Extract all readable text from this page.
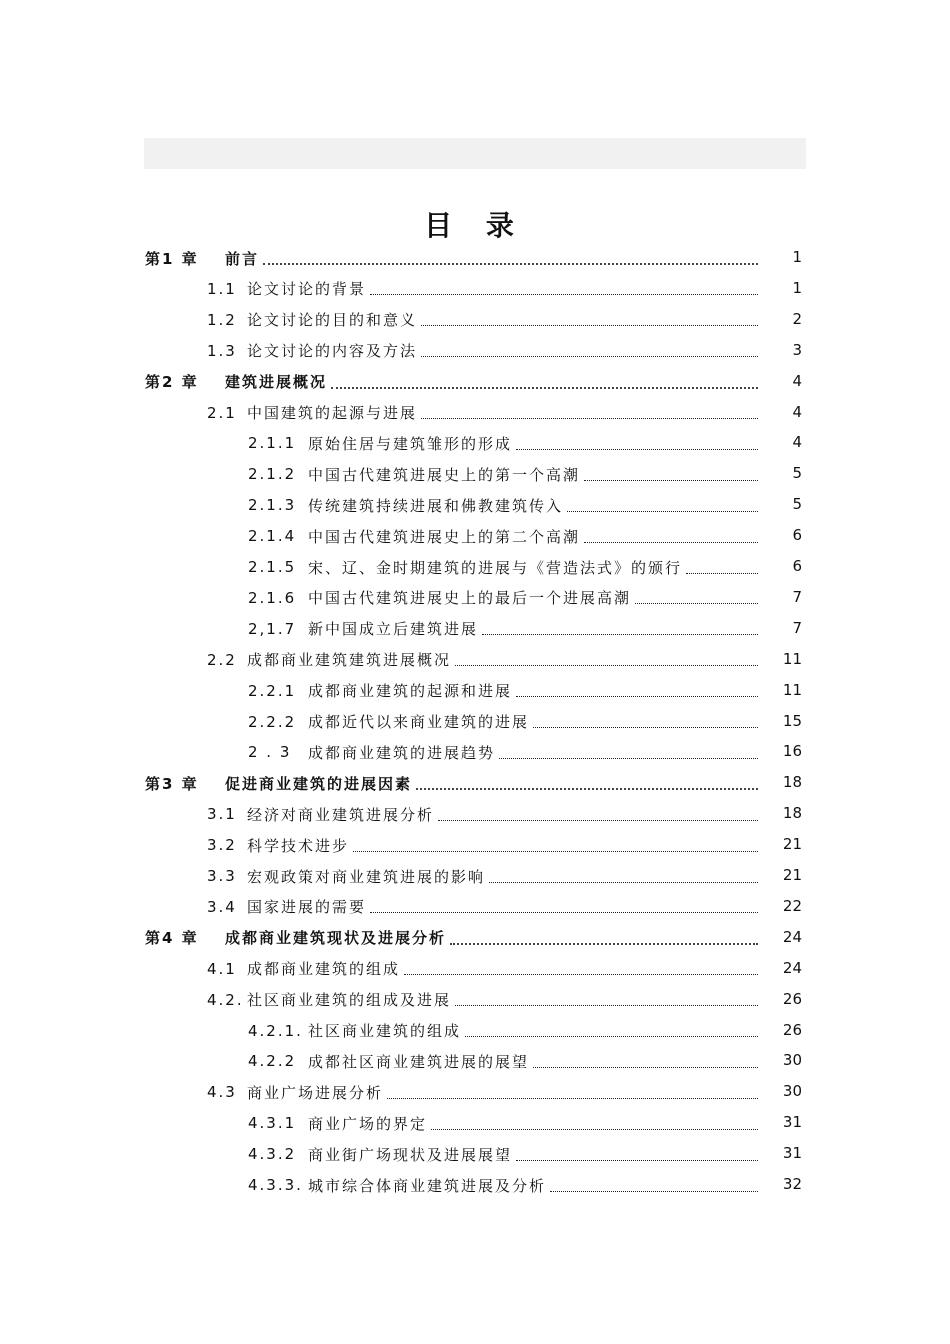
目 录
第1 章	前言	1
1.1 论文讨论的背景	1
1.2 论文讨论的目的和意义	2
1.3 论文讨论的内容及方法	3
第2 章	建筑进展概况	4
2.1 中国建筑的起源与进展	4
2.1.1 原始住居与建筑雏形的形成	4
2.1.2 中国古代建筑进展史上的第一个高潮	5
2.1.3 传统建筑持续进展和佛教建筑传入	5
2.1.4 中国古代建筑进展史上的第二个高潮	6
2.1.5 宋、辽、金时期建筑的进展与《营造法式》的颁行	6
2.1.6 中国古代建筑进展史上的最后一个进展高潮	7
2,1.7 新中国成立后建筑进展	7
2.2 成都商业建筑建筑进展概况	11
2.2.1 成都商业建筑的起源和进展	11
2.2.2 成都近代以来商业建筑的进展	15
2 . 3	成都商业建筑的进展趋势	16
第3 章	促进商业建筑的进展因素	18
3.1 经济对商业建筑进展分析	18
3.2 科学技术进步	21
3.3 宏观政策对商业建筑进展的影响	21
3.4 国家进展的需要	22
第4 章	成都商业建筑现状及进展分析	24
4.1 成都商业建筑的组成	24
4.2. 社区商业建筑的组成及进展	26
4.2.1. 社区商业建筑的组成	26
4.2.2 成都社区商业建筑进展的展望	30
4.3 商业广场进展分析	30
4.3.1 商业广场的界定	31
4.3.2 商业街广场现状及进展展望	31
4.3.3. 城市综合体商业建筑进展及分析	32
